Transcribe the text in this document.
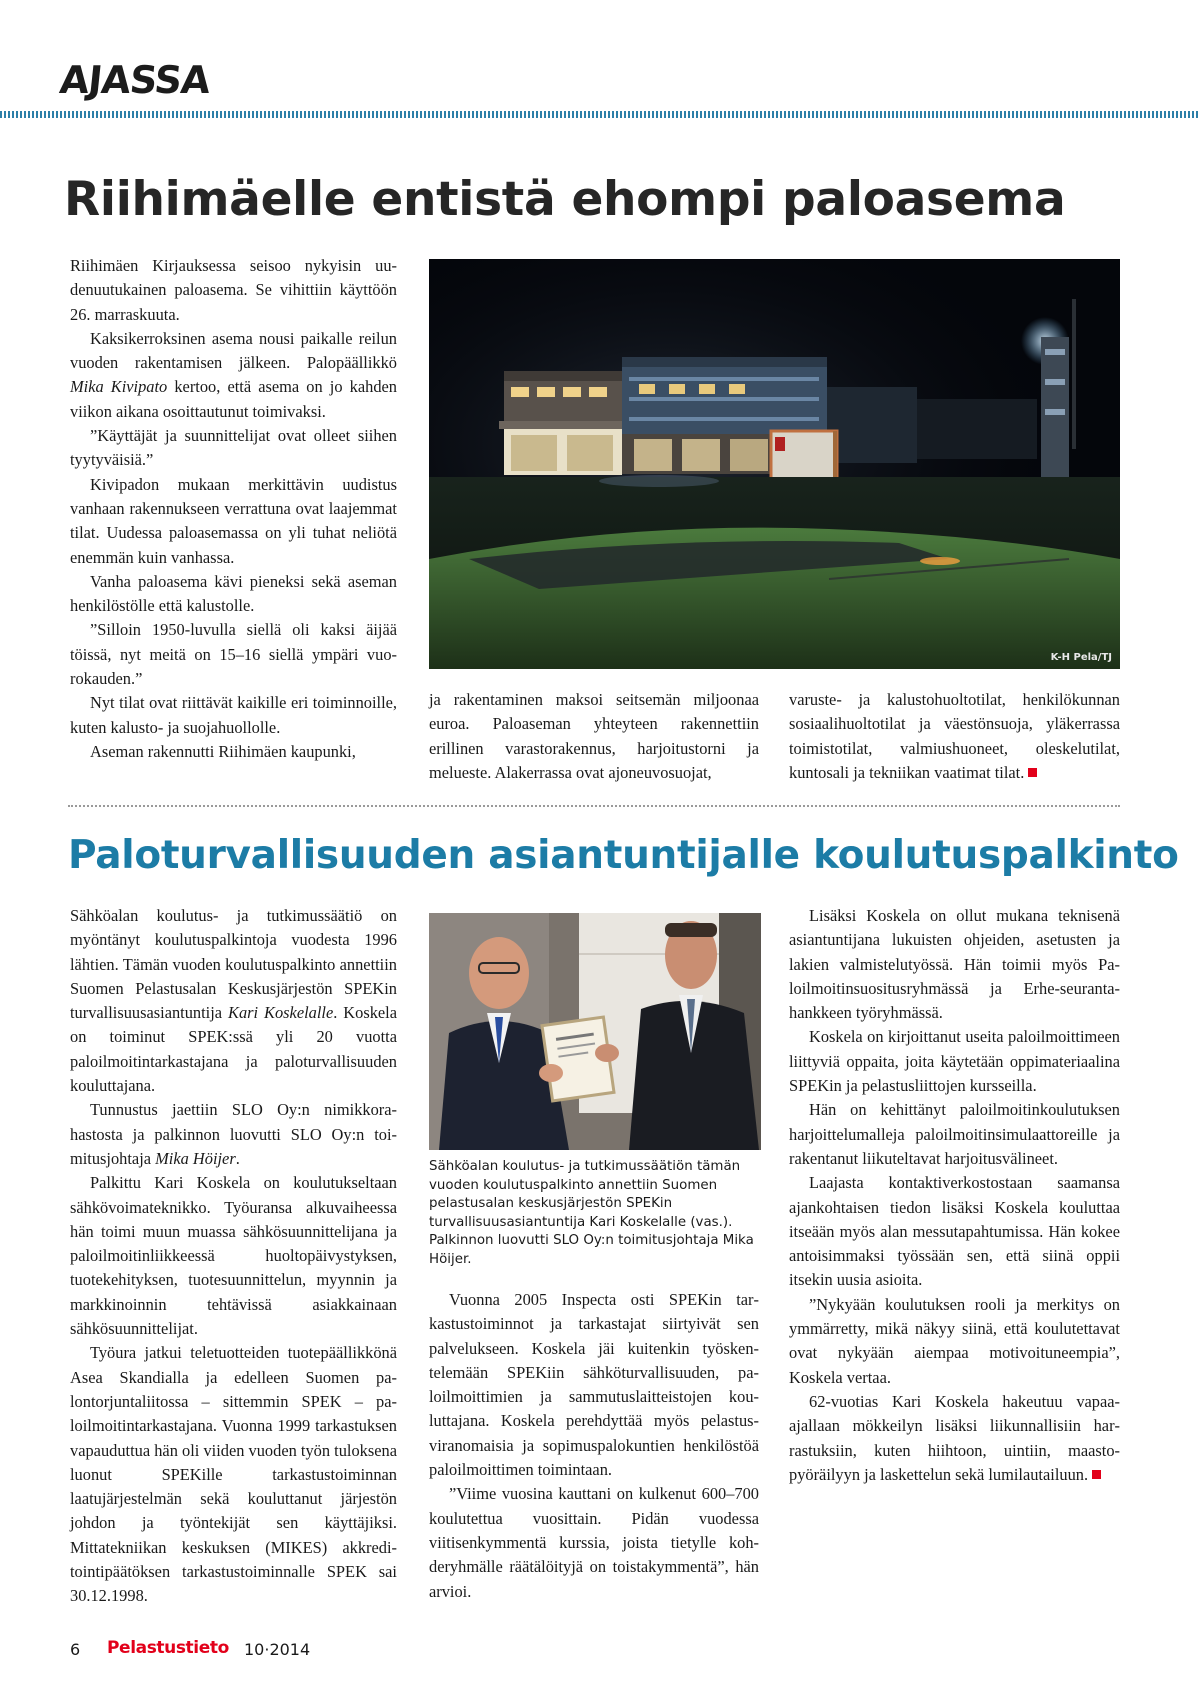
AJASSA
Riihimäelle entistä ehompi paloasema

Riihimäen Kirjauksessa seisoo nykyisin uudenuutukainen paloasema. Se vihittiin käyttöön 26. marraskuuta.

Kaksikerroksinen asema nousi paikalle reilun vuoden rakentamisen jälkeen. Palopäällikkö Mika Kivipato kertoo, että asema on jo kahden viikon aikana osoittautunut toimivaksi.

”Käyttäjät ja suunnittelijat ovat olleet siihen tyytyväisiä.”

Kivipadon mukaan merkittävin uudistus vanhaan rakennukseen verrattuna ovat laajemmat tilat. Uudessa paloasemassa on yli tuhat neliötä enemmän kuin vanhassa.

Vanha paloasema kävi pieneksi sekä aseman henkilöstölle että kalustolle.

”Silloin 1950-luvulla siellä oli kaksi äijää töissä, nyt meitä on 15–16 siellä ympäri vuorokauden.”

Nyt tilat ovat riittävät kaikille eri toiminnoille, kuten kalusto- ja suojahuollolle.

Aseman rakennutti Riihimäen kaupunki,

K-H Pela/TJ

ja rakentaminen maksoi seitsemän miljoonaa euroa. Paloaseman yhteyteen rakennettiin erillinen varastorakennus, harjoitustorni ja melueste. Alakerrassa ovat ajoneuvosuojat,

varuste- ja kalustohuoltotilat, henkilökunnan sosiaalihuoltotilat ja väestönsuoja, yläkerrassa toimistotilat, valmiushuoneet, oleskelutilat, kuntosali ja tekniikan vaatimat tilat.

Paloturvallisuuden asiantuntijalle koulutuspalkinto

Sähköalan koulutus- ja tutkimussäätiö on myöntänyt koulutuspalkintoja vuodesta 1996 lähtien. Tämän vuoden koulutuspalkinto annettiin Suomen Pelastusalan Keskusjärjestön SPEKin turvallisuusasiantuntija Kari Koskelalle. Koskela on toiminut SPEK:ssä yli 20 vuotta paloilmoitintarkastajana ja paloturvallisuuden kouluttajana.

Tunnustus jaettiin SLO Oy:n nimikkorahastosta ja palkinnon luovutti SLO Oy:n toimitusjohtaja Mika Höijer.

Palkittu Kari Koskela on koulutukseltaan sähkövoimateknikko. Työuransa alkuvaiheessa hän toimi muun muassa sähkösuunnittelijana ja paloilmoitinliikkeessä huoltopäivystyksen, tuotekehityksen, tuotesuunnittelun, myynnin ja markkinoinnin tehtävissä asiakkainaan sähkösuunnittelijat.

Työura jatkui teletuotteiden tuotepäällikkönä Asea Skandialla ja edelleen Suomen palontorjuntaliitossa – sittemmin SPEK – paloilmoitintarkastajana. Vuonna 1999 tarkastuksen vapauduttua hän oli viiden vuoden työn tuloksena luonut SPEKille tarkastustoiminnan laatujärjestelmän sekä kouluttanut järjestön johdon ja työntekijät sen käyttäjiksi. Mittatekniikan keskuksen (MIKES) akkreditointipäätöksen tarkastustoiminnalle SPEK sai 30.12.1998.

Sähköalan koulutus- ja tutkimussäätiön tämän vuoden koulutuspalkinto annettiin Suomen pelastusalan keskusjärjestön SPEKin turvallisuusasiantuntija Kari Koskelalle (vas.). Palkinnon luovutti SLO Oy:n toimitusjohtaja Mika Höijer.

Vuonna 2005 Inspecta osti SPEKin tarkastustoiminnot ja tarkastajat siirtyivät sen palvelukseen. Koskela jäi kuitenkin työskentelemään SPEKiin sähköturvallisuuden, paloilmoittimien ja sammutuslaitteistojen kouluttajana. Koskela perehdyttää myös pelastusviranomaisia ja sopimuspalokuntien henkilöstöä paloilmoittimen toimintaan.

”Viime vuosina kauttani on kulkenut 600–700 koulutettua vuosittain. Pidän vuodessa viitisenkymmentä kurssia, joista tietylle kohderyhmälle räätälöityjä on toistakymmentä”, hän arvioi.

Lisäksi Koskela on ollut mukana teknisenä asiantuntijana lukuisten ohjeiden, asetusten ja lakien valmistelutyössä. Hän toimii myös Paloilmoitinsuositusryhmässä ja Erhe-seurantahankkeen työryhmässä.

Koskela on kirjoittanut useita paloilmoittimeen liittyviä oppaita, joita käytetään oppimateriaalina SPEKin ja pelastusliittojen kursseilla.

Hän on kehittänyt paloilmoitinkoulutuksen harjoittelumalleja paloilmoitinsimulaattoreille ja rakentanut liikuteltavat harjoitusvälineet.

Laajasta kontaktiverkostostaan saamansa ajankohtaisen tiedon lisäksi Koskela kouluttaa itseään myös alan messutapahtumissa. Hän kokee antoisimmaksi työssään sen, että siinä oppii itsekin uusia asioita.

”Nykyään koulutuksen rooli ja merkitys on ymmärretty, mikä näkyy siinä, että koulutettavat ovat nykyään aiempaa motivoituneempia”, Koskela vertaa.

62-vuotias Kari Koskela hakeutuu vapaaajallaan mökkeilyn lisäksi liikunnallisiin harrastuksiin, kuten hiihtoon, uintiin, maastopyöräilyyn ja laskettelun sekä lumilautailuun.

6 Pelastustieto 10·2014
